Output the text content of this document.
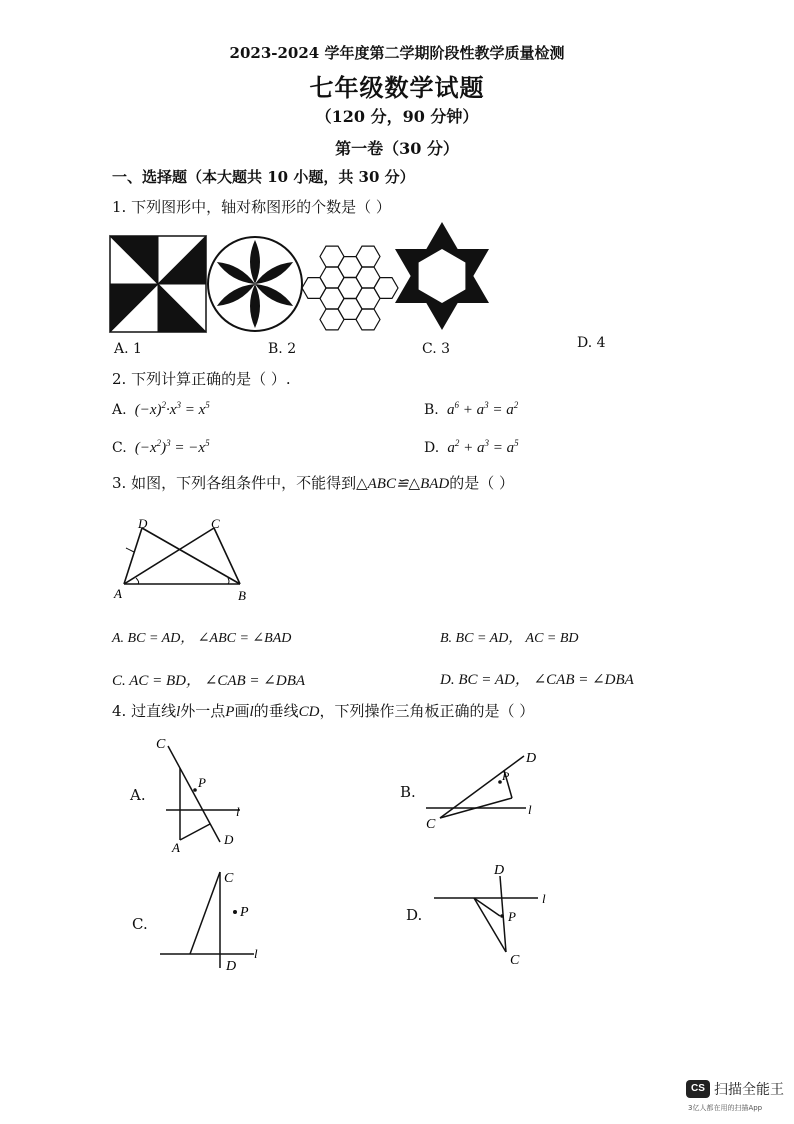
2023-2024 学年度第二学期阶段性教学质量检测
七年级数学试题
（120 分，90 分钟）
第一卷（30 分）
一、选择题（本大题共 10 小题，共 30 分）
1. 下列图形中，轴对称图形的个数是（ ）
A. 1	B. 2	C. 3	D. 4
2. 下列计算正确的是（ ）.
A.  $(-x)^2\cdot x^3 = x^5$	B.  $a^6 + a^3 = a^2$
C.  $(-x^2)^3 = -x^5$	D.  $a^2 + a^3 = a^5$
3. 如图，下列各组条件中，不能得到△ABC≌△BAD的是（ ）
D	C
A	B
A. BC = AD， ∠ABC = ∠BAD	B. BC = AD， AC = BD
C. AC = BD， ∠CAB = ∠DBA	D. BC = AD， ∠CAB = ∠DBA
4. 过直线l外一点P画l的垂线CD，下列操作三角板正确的是（ ）
A.	B.
C.	D.
C
P
l
D
A
D
P
l
C
C
P
l
D
D
l
P
C
CS 扫描全能王
3亿人都在用的扫描App
